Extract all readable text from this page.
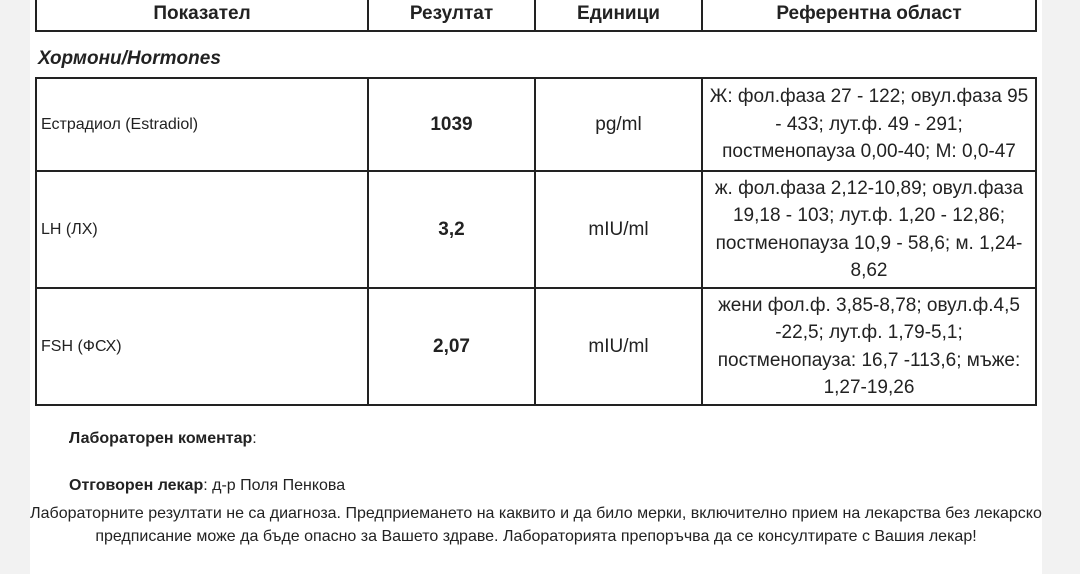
Показател	Резултат	Единици	Референтна област
Хормони/Hormones
Естрадиол (Estradiol)	1039	pg/ml	Ж: фол.фаза 27 - 122; овул.фаза 95 - 433; лут.ф. 49 - 291; постменопауза 0,00-40; М: 0,0-47
LH (ЛХ)	3,2	mIU/ml	ж. фол.фаза 2,12-10,89; овул.фаза 19,18 - 103; лут.ф. 1,20 - 12,86; постменопауза 10,9 - 58,6; м. 1,24-8,62
FSH (ФСХ)	2,07	mIU/ml	жени фол.ф. 3,85-8,78; овул.ф.4,5 -22,5; лут.ф. 1,79-5,1; постменопауза: 16,7 -113,6; мъже: 1,27-19,26
Лабораторен коментар:
Отговорен лекар: д-р Поля Пенкова
Лабораторните резултати не са диагноза. Предприемането на каквито и да било мерки, включително прием на лекарства без лекарско предписание може да бъде опасно за Вашето здраве. Лабораторията препоръчва да се консултирате с Вашия лекар!
